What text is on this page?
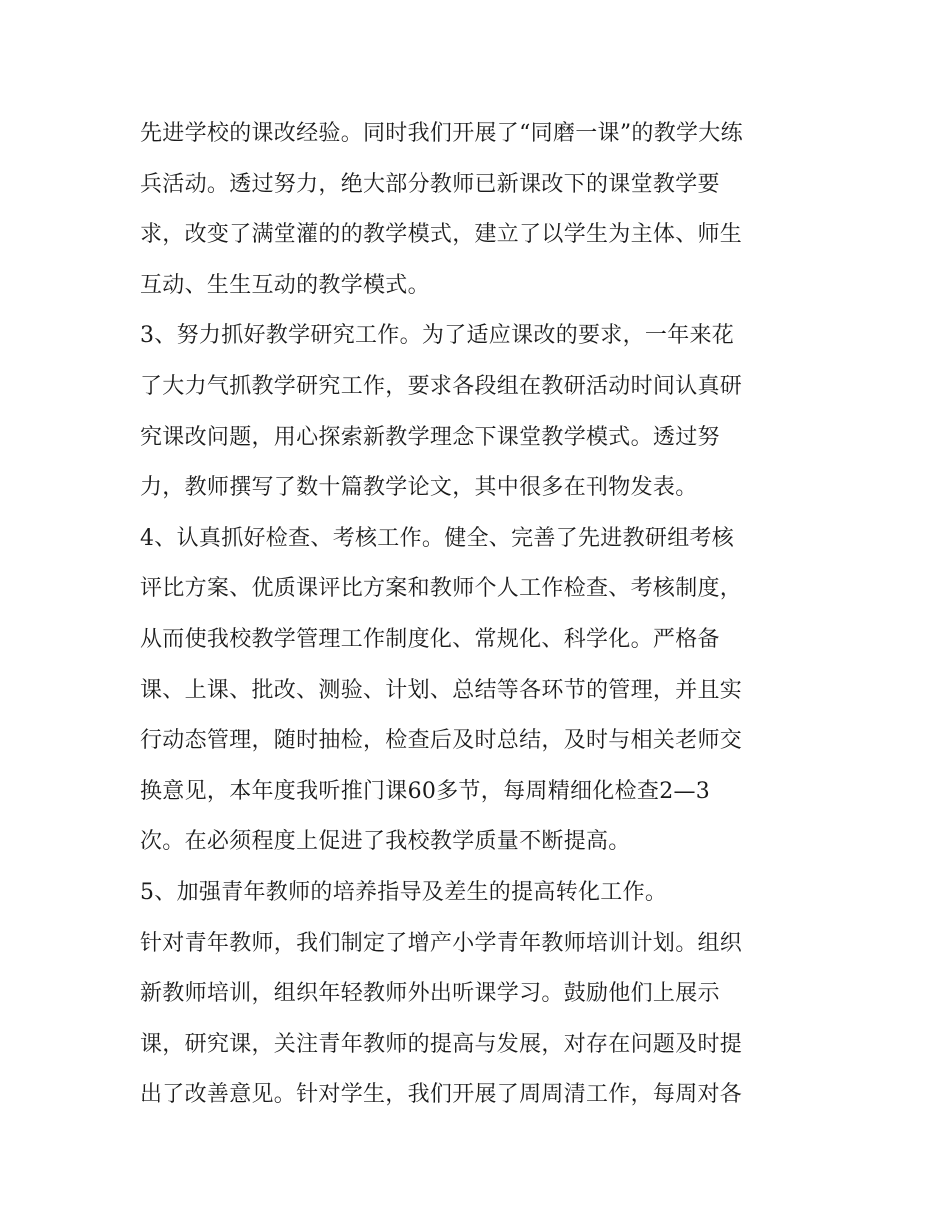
先进学校的课改经验。同时我们开展了“同磨一课”的教学大练
兵活动。透过努力，绝大部分教师已新课改下的课堂教学要
求，改变了满堂灌的的教学模式，建立了以学生为主体、师生
互动、生生互动的教学模式。
3、努力抓好教学研究工作。为了适应课改的要求，一年来花
了大力气抓教学研究工作，要求各段组在教研活动时间认真研
究课改问题，用心探索新教学理念下课堂教学模式。透过努
力，教师撰写了数十篇教学论文，其中很多在刊物发表。
4、认真抓好检查、考核工作。健全、完善了先进教研组考核
评比方案、优质课评比方案和教师个人工作检查、考核制度，
从而使我校教学管理工作制度化、常规化、科学化。严格备
课、上课、批改、测验、计划、总结等各环节的管理，并且实
行动态管理，随时抽检，检查后及时总结，及时与相关老师交
换意见，本年度我听推门课60多节，每周精细化检查2—3
次。在必须程度上促进了我校教学质量不断提高。
5、加强青年教师的培养指导及差生的提高转化工作。
针对青年教师，我们制定了增产小学青年教师培训计划。组织
新教师培训，组织年轻教师外出听课学习。鼓励他们上展示
课，研究课，关注青年教师的提高与发展，对存在问题及时提
出了改善意见。针对学生，我们开展了周周清工作，每周对各
